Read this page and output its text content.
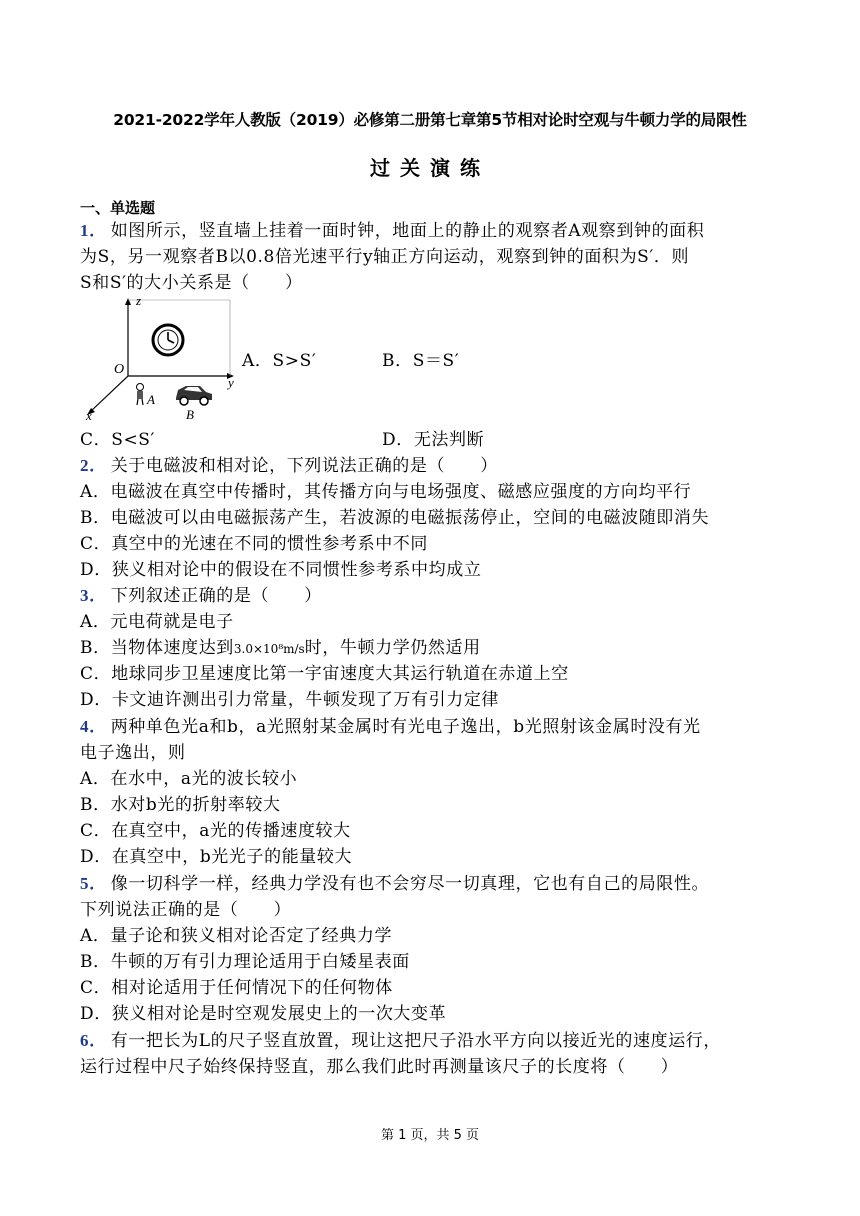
2021-2022学年人教版（2019）必修第二册第七章第5节相对论时空观与牛顿力学的局限性
过关演练
一、单选题
1． 如图所示，竖直墙上挂着一面时钟，地面上的静止的观察者A观察到钟的面积
为S，另一观察者B以0.8倍光速平行y轴正方向运动，观察到钟的面积为S′．则
S和S′的大小关系是（　　）
z
O
y
x
A
B
A．S>S′	B．S＝S′
C．S<S′	D．无法判断
2． 关于电磁波和相对论，下列说法正确的是（　　）
A．电磁波在真空中传播时，其传播方向与电场强度、磁感应强度的方向均平行
B．电磁波可以由电磁振荡产生，若波源的电磁振荡停止，空间的电磁波随即消失
C．真空中的光速在不同的惯性参考系中不同
D．狭义相对论中的假设在不同惯性参考系中均成立
3． 下列叙述正确的是（　　）
A．元电荷就是电子
B．当物体速度达到3.0×10⁸m/s时，牛顿力学仍然适用
C．地球同步卫星速度比第一宇宙速度大其运行轨道在赤道上空
D．卡文迪许测出引力常量，牛顿发现了万有引力定律
4． 两种单色光a和b，a光照射某金属时有光电子逸出，b光照射该金属时没有光
电子逸出，则
A．在水中，a光的波长较小
B．水对b光的折射率较大
C．在真空中，a光的传播速度较大
D．在真空中，b光光子的能量较大
5． 像一切科学一样，经典力学没有也不会穷尽一切真理，它也有自己的局限性。
下列说法正确的是（　　）
A．量子论和狭义相对论否定了经典力学
B．牛顿的万有引力理论适用于白矮星表面
C．相对论适用于任何情况下的任何物体
D．狭义相对论是时空观发展史上的一次大变革
6． 有一把长为L的尺子竖直放置，现让这把尺子沿水平方向以接近光的速度运行，
运行过程中尺子始终保持竖直，那么我们此时再测量该尺子的长度将（　　）
第 1 页，共 5 页
